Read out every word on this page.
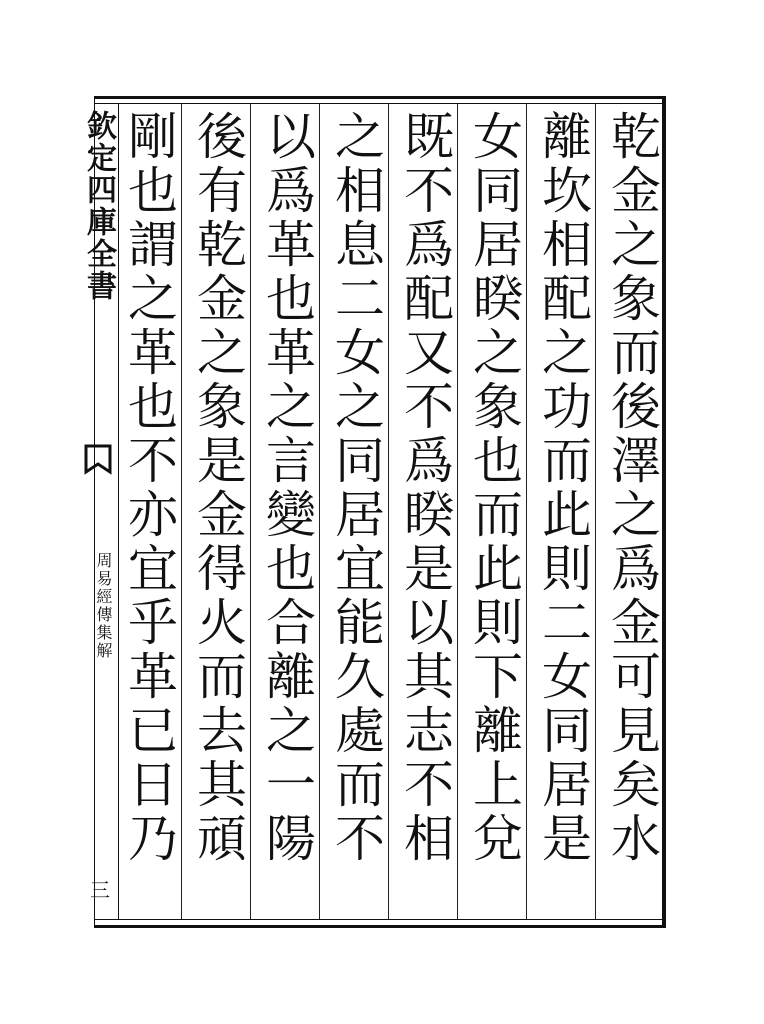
乾金之象而後澤之爲金可見矣水
離坎相配之功而此則二女同居是
女同居睽之象也而此則下離上兌
既不爲配又不爲睽是以其志不相
之相息二女之同居宜能久處而不
以爲革也革之言變也合離之一陽
後有乾金之象是金得火而去其頑
剛也謂之革也不亦宜乎革已日乃
欽定四庫全書
周易經傳集解
三
